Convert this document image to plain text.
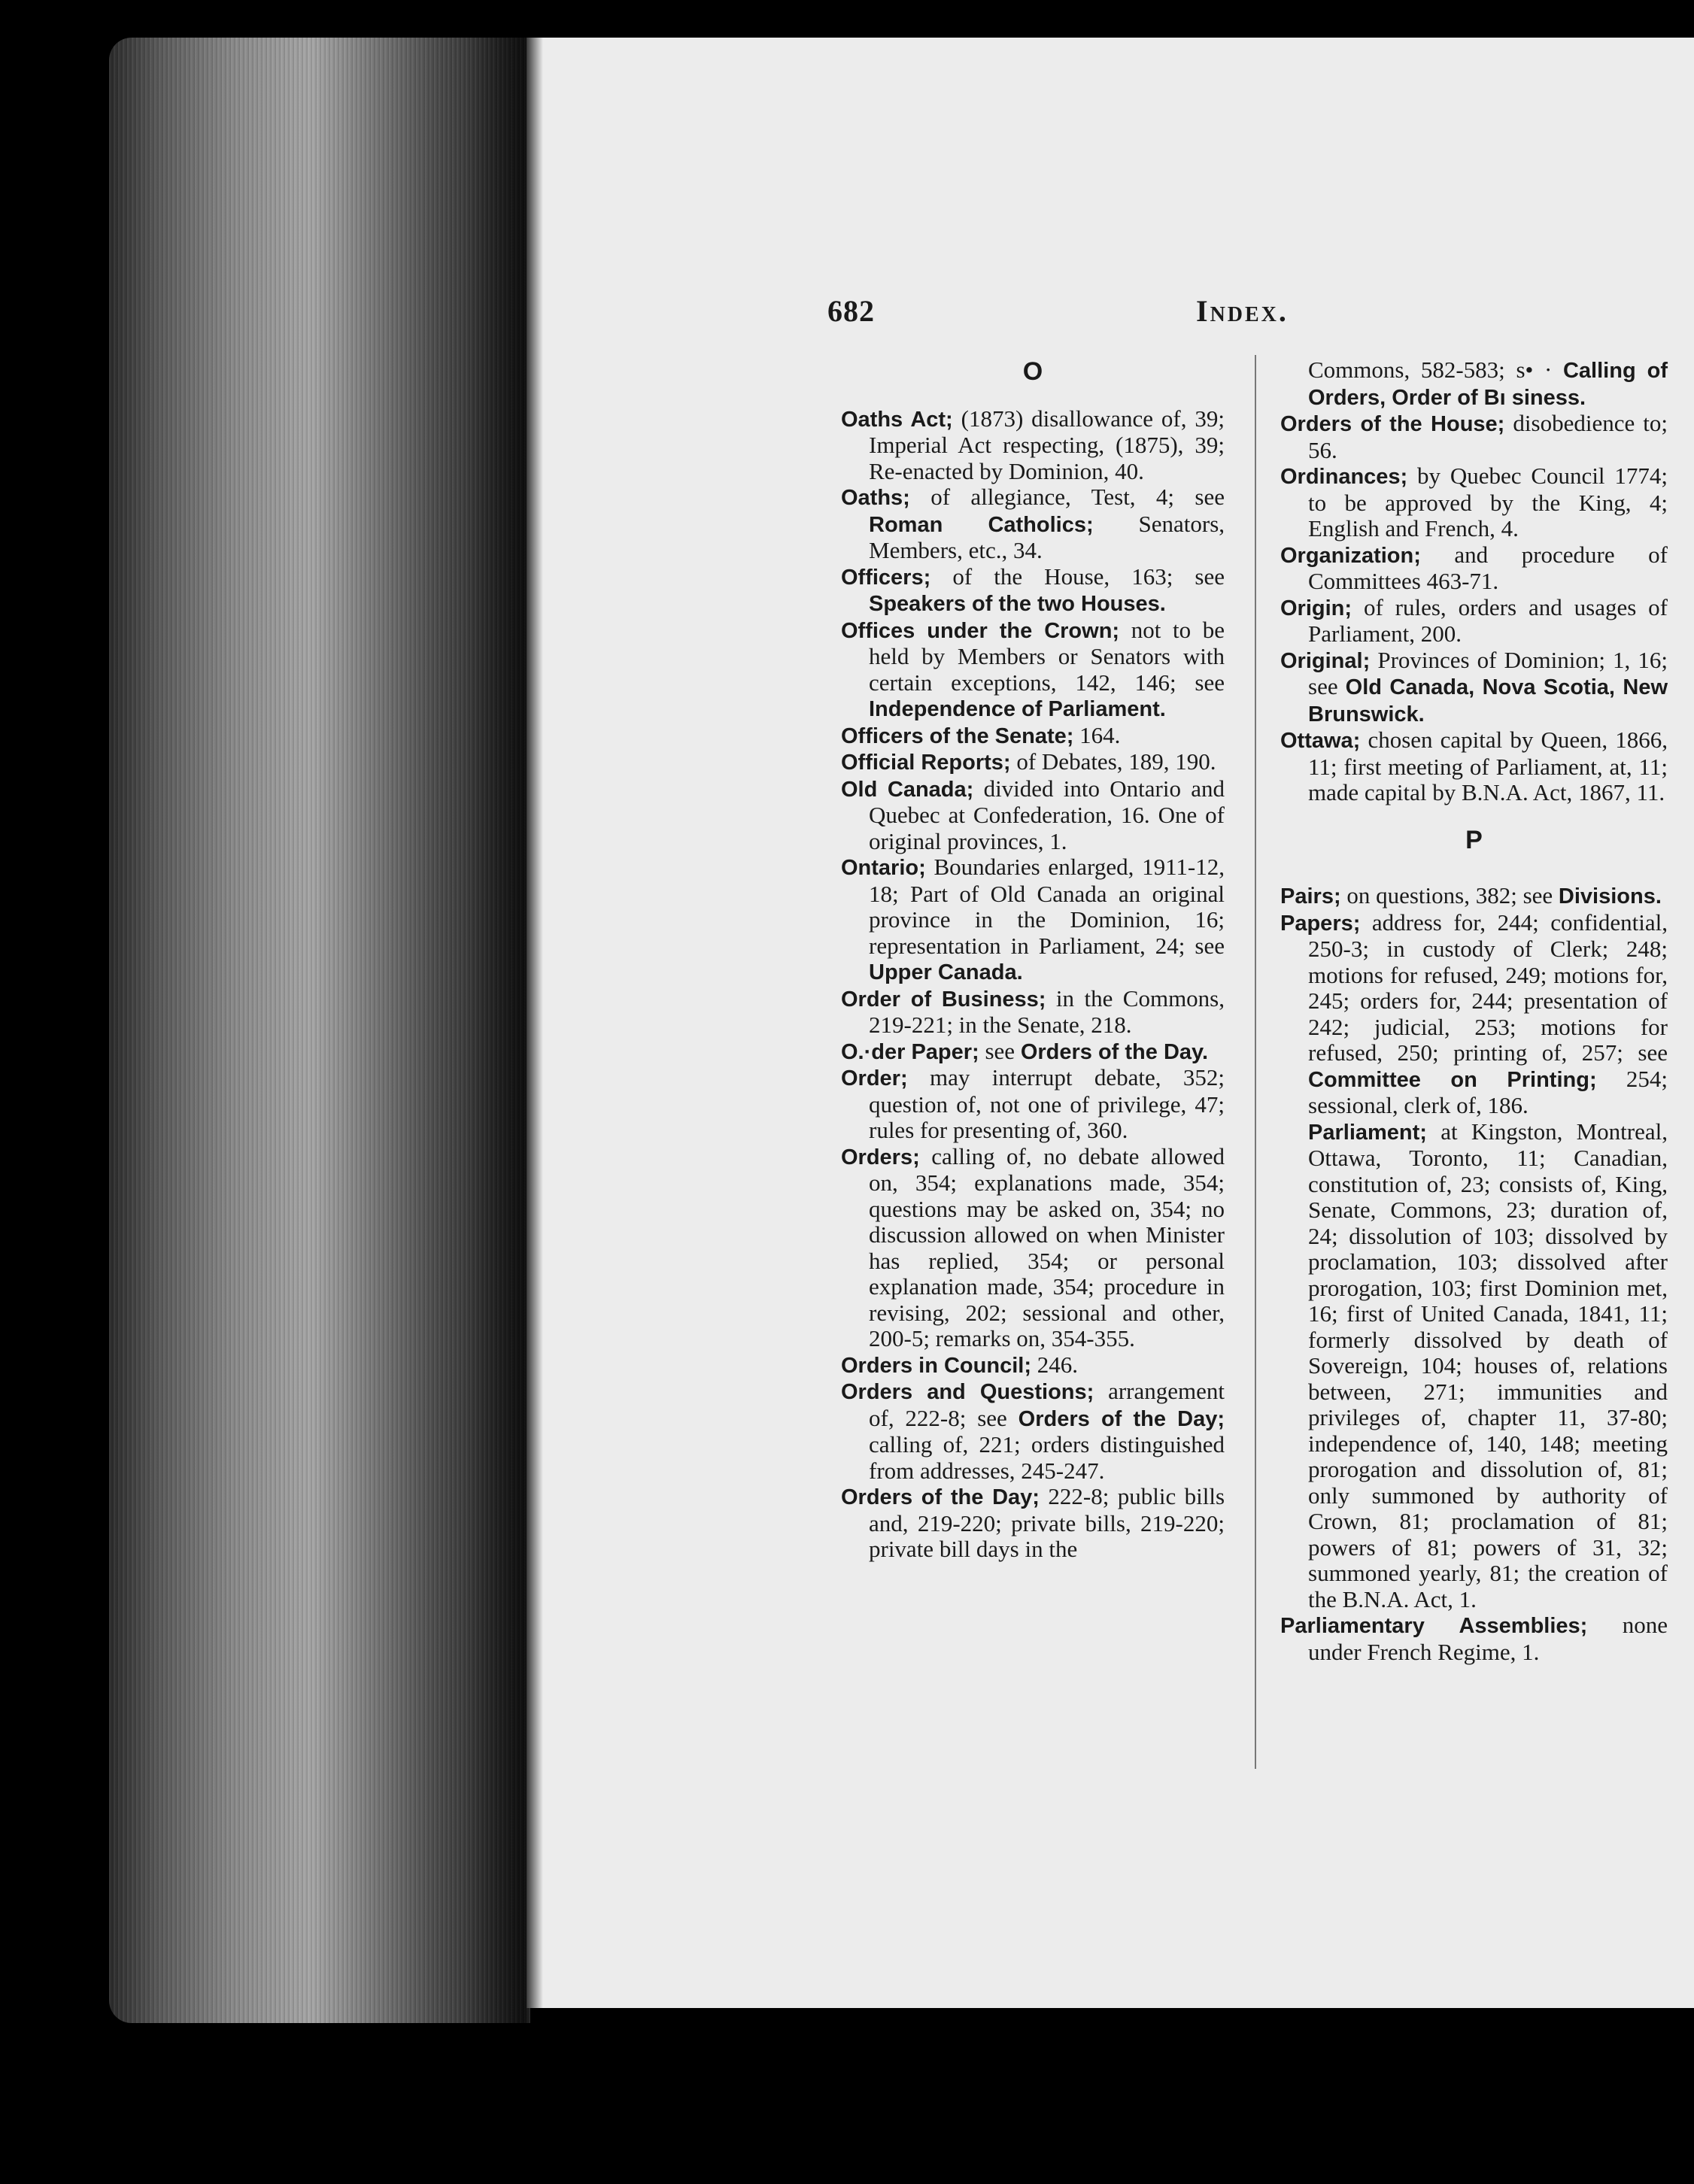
682	Index.
O

Oaths Act; (1873) disallowance of, 39; Imperial Act respecting, (1875), 39; Re-enacted by Dominion, 40.

Oaths; of allegiance, Test, 4; see Roman Catholics; Senators, Members, etc., 34.

Officers; of the House, 163; see Speakers of the two Houses.

Offices under the Crown; not to be held by Members or Senators with certain exceptions, 142, 146; see Independence of Parliament.

Officers of the Senate; 164.

Official Reports; of Debates, 189, 190.

Old Canada; divided into Ontario and Quebec at Confederation, 16. One of original provinces, 1.

Ontario; Boundaries enlarged, 1911-12, 18; Part of Old Canada an original province in the Dominion, 16; representation in Parliament, 24; see Upper Canada.

Order of Business; in the Commons, 219-221; in the Senate, 218.

O.·der Paper; see Orders of the Day.

Order; may interrupt debate, 352; question of, not one of privilege, 47; rules for presenting of, 360.

Orders; calling of, no debate allowed on, 354; explanations made, 354; questions may be asked on, 354; no discussion allowed on when Minister has replied, 354; or personal explanation made, 354; procedure in revising, 202; sessional and other, 200-5; remarks on, 354-355.

Orders in Council; 246.

Orders and Questions; arrangement of, 222-8; see Orders of the Day; calling of, 221; orders distinguished from addresses, 245-247.

Orders of the Day; 222-8; public bills and, 219-220; private bills, 219-220; private bill days in the

Commons, 582-583; s• · Calling of Orders, Order of Bı siness.

Orders of the House; disobedience to; 56.

Ordinances; by Quebec Council 1774; to be approved by the King, 4; English and French, 4.

Organization; and procedure of Committees 463-71.

Origin; of rules, orders and usages of Parliament, 200.

Original; Provinces of Dominion; 1, 16; see Old Canada, Nova Scotia, New Brunswick.

Ottawa; chosen capital by Queen, 1866, 11; first meeting of Parliament, at, 11; made capital by B.N.A. Act, 1867, 11.

P

Pairs; on questions, 382; see Divisions.

Papers; address for, 244; confidential, 250-3; in custody of Clerk; 248; motions for refused, 249; motions for, 245; orders for, 244; presentation of 242; judicial, 253; motions for refused, 250; printing of, 257; see Committee on Printing; 254; sessional, clerk of, 186.

Parliament; at Kingston, Montreal, Ottawa, Toronto, 11; Canadian, constitution of, 23; consists of, King, Senate, Commons, 23; duration of, 24; dissolution of 103; dissolved by proclamation, 103; dissolved after prorogation, 103; first Dominion met, 16; first of United Canada, 1841, 11; formerly dissolved by death of Sovereign, 104; houses of, relations between, 271; immunities and privileges of, chapter 11, 37-80; independence of, 140, 148; meeting prorogation and dissolution of, 81; only summoned by authority of Crown, 81; proclamation of 81; powers of 81; powers of 31, 32; summoned yearly, 81; the creation of the B.N.A. Act, 1.

Parliamentary Assemblies; none under French Regime, 1.
